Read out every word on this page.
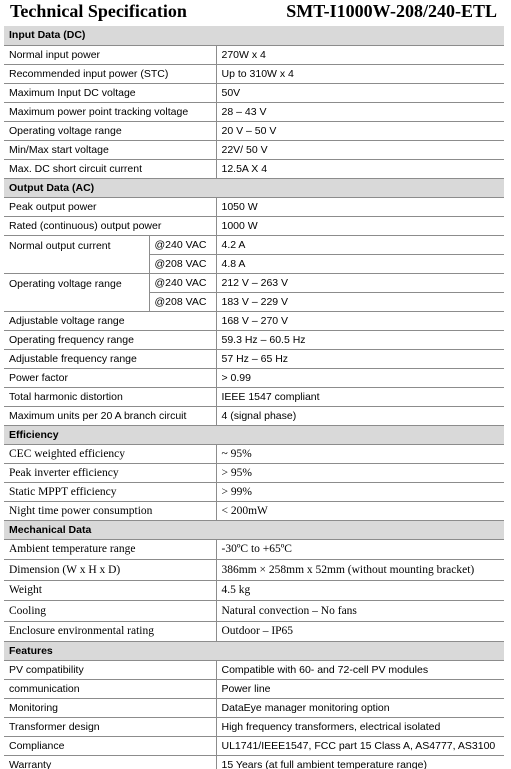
Technical Specification	SMT-I1000W-208/240-ETL
Input Data (DC)		
Normal input power		270W x 4
Recommended input power (STC)		Up to 310W x 4
Maximum Input DC voltage		50V
Maximum power point tracking voltage		28 – 43 V
Operating voltage range		20 V – 50 V
Min/Max start voltage		22V/ 50 V
Max. DC short circuit current		12.5A X 4
Output Data (AC)		
Peak output power		1050 W
Rated (continuous) output power		1000 W
Normal output current	@240 VAC	4.2 A
	@208 VAC	4.8 A
Operating voltage range	@240 VAC	212 V – 263 V
	@208 VAC	183 V – 229 V
Adjustable voltage range		168 V – 270 V
Operating frequency range		59.3 Hz – 60.5 Hz
Adjustable frequency range		57 Hz – 65 Hz
Power factor		> 0.99
Total harmonic distortion		IEEE 1547 compliant
Maximum units per 20 A branch circuit		4 (signal phase)
Efficiency		
CEC weighted efficiency		~ 95%
Peak inverter efficiency		> 95%
Static MPPT efficiency		> 99%
Night time power consumption		< 200mW
Mechanical Data		
Ambient temperature range		-30ºC to +65ºC
Dimension (W x H x D)		386mm × 258mm x 52mm (without mounting bracket)
Weight		4.5 kg
Cooling		Natural convection – No fans
Enclosure environmental rating		Outdoor – IP65
Features		
PV compatibility		Compatible with 60- and 72-cell PV modules
communication		Power line
Monitoring		DataEye manager monitoring option
Transformer design		High frequency transformers, electrical isolated
Compliance		UL1741/IEEE1547, FCC part 15 Class A, AS4777, AS3100
Warranty		15 Years (at full ambient temperature range)
